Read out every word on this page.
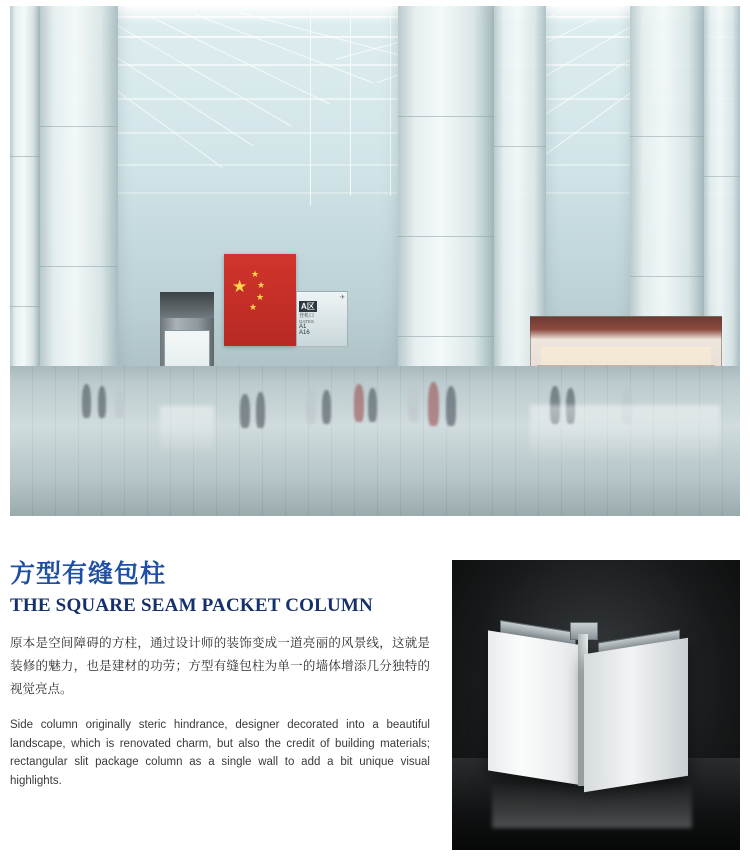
★
★
★
★
★
✈
A区
登机口
GATES
A1
A16
方型有缝包柱
THE SQUARE SEAM PACKET COLUMN

原本是空间障碍的方柱，通过设计师的装饰变成一道亮丽的风景线，这就是装修的魅力，也是建材的功劳；方型有缝包柱为单一的墙体增添几分独特的视觉亮点。

Side column originally steric hindrance, designer decorated into a beautiful landscape, which is renovated charm, but also the credit of building materials; rectangular slit package column as a single wall to add a bit unique visual highlights.
